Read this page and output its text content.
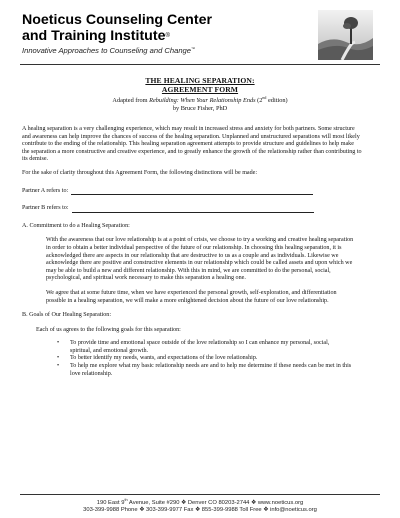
Noeticus Counseling Center
and Training Institute®
Innovative Approaches to Counseling and Change™
THE HEALING SEPARATION:
AGREEMENT FORM
Adapted from Rebuilding: When Your Relationship Ends (2nd edition)
by Bruce Fisher, PhD

A healing separation is a very challenging experience, which may result in increased stress and anxiety for both partners. Some structure and awareness can help improve the chances of success of the healing separation. Unplanned and unstructured separations will most likely contribute to the ending of the relationship. This healing separation agreement attempts to provide structure and guidelines to help make the separation a more constructive and creative experience, and to greatly enhance the growth of the relationship rather than contributing to its demise.

For the sake of clarity throughout this Agreement Form, the following distinctions will be made:

Partner A refers to:
Partner B refers to:

A. Commitment to do a Healing Separation:

With the awareness that our love relationship is at a point of crisis, we choose to try a working and creative healing separation in order to obtain a better individual perspective of the future of our relationship. In choosing this healing separation, it is acknowledged there are aspects in our relationship that are destructive to us as a couple and as individuals. Likewise we acknowledge there are positive and constructive elements in our relationship which could be called assets and upon which we may be able to build a new and different relationship. With this in mind, we are committed to do the personal, social, psychological, and spiritual work necessary to make this separation a healing one.

We agree that at some future time, when we have experienced the personal growth, self-exploration, and differentiation possible in a healing separation, we will make a more enlightened decision about the future of our love relationship.

B. Goals of Our Healing Separation:

Each of us agrees to the following goals for this separation:

• To provide time and emotional space outside of the love relationship so I can enhance my personal, social, spiritual, and emotional growth.
• To better identify my needs, wants, and expectations of the love relationship.
• To help me explore what my basic relationship needs are and to help me determine if these needs can be met in this love relationship.
190 East 9th Avenue, Suite #290 ❖ Denver CO 80203-2744 ❖ www.noeticus.org
303-399-9988 Phone ❖ 303-399-9977 Fax ❖ 855-399-9988 Toll Free ❖ info@noeticus.org
